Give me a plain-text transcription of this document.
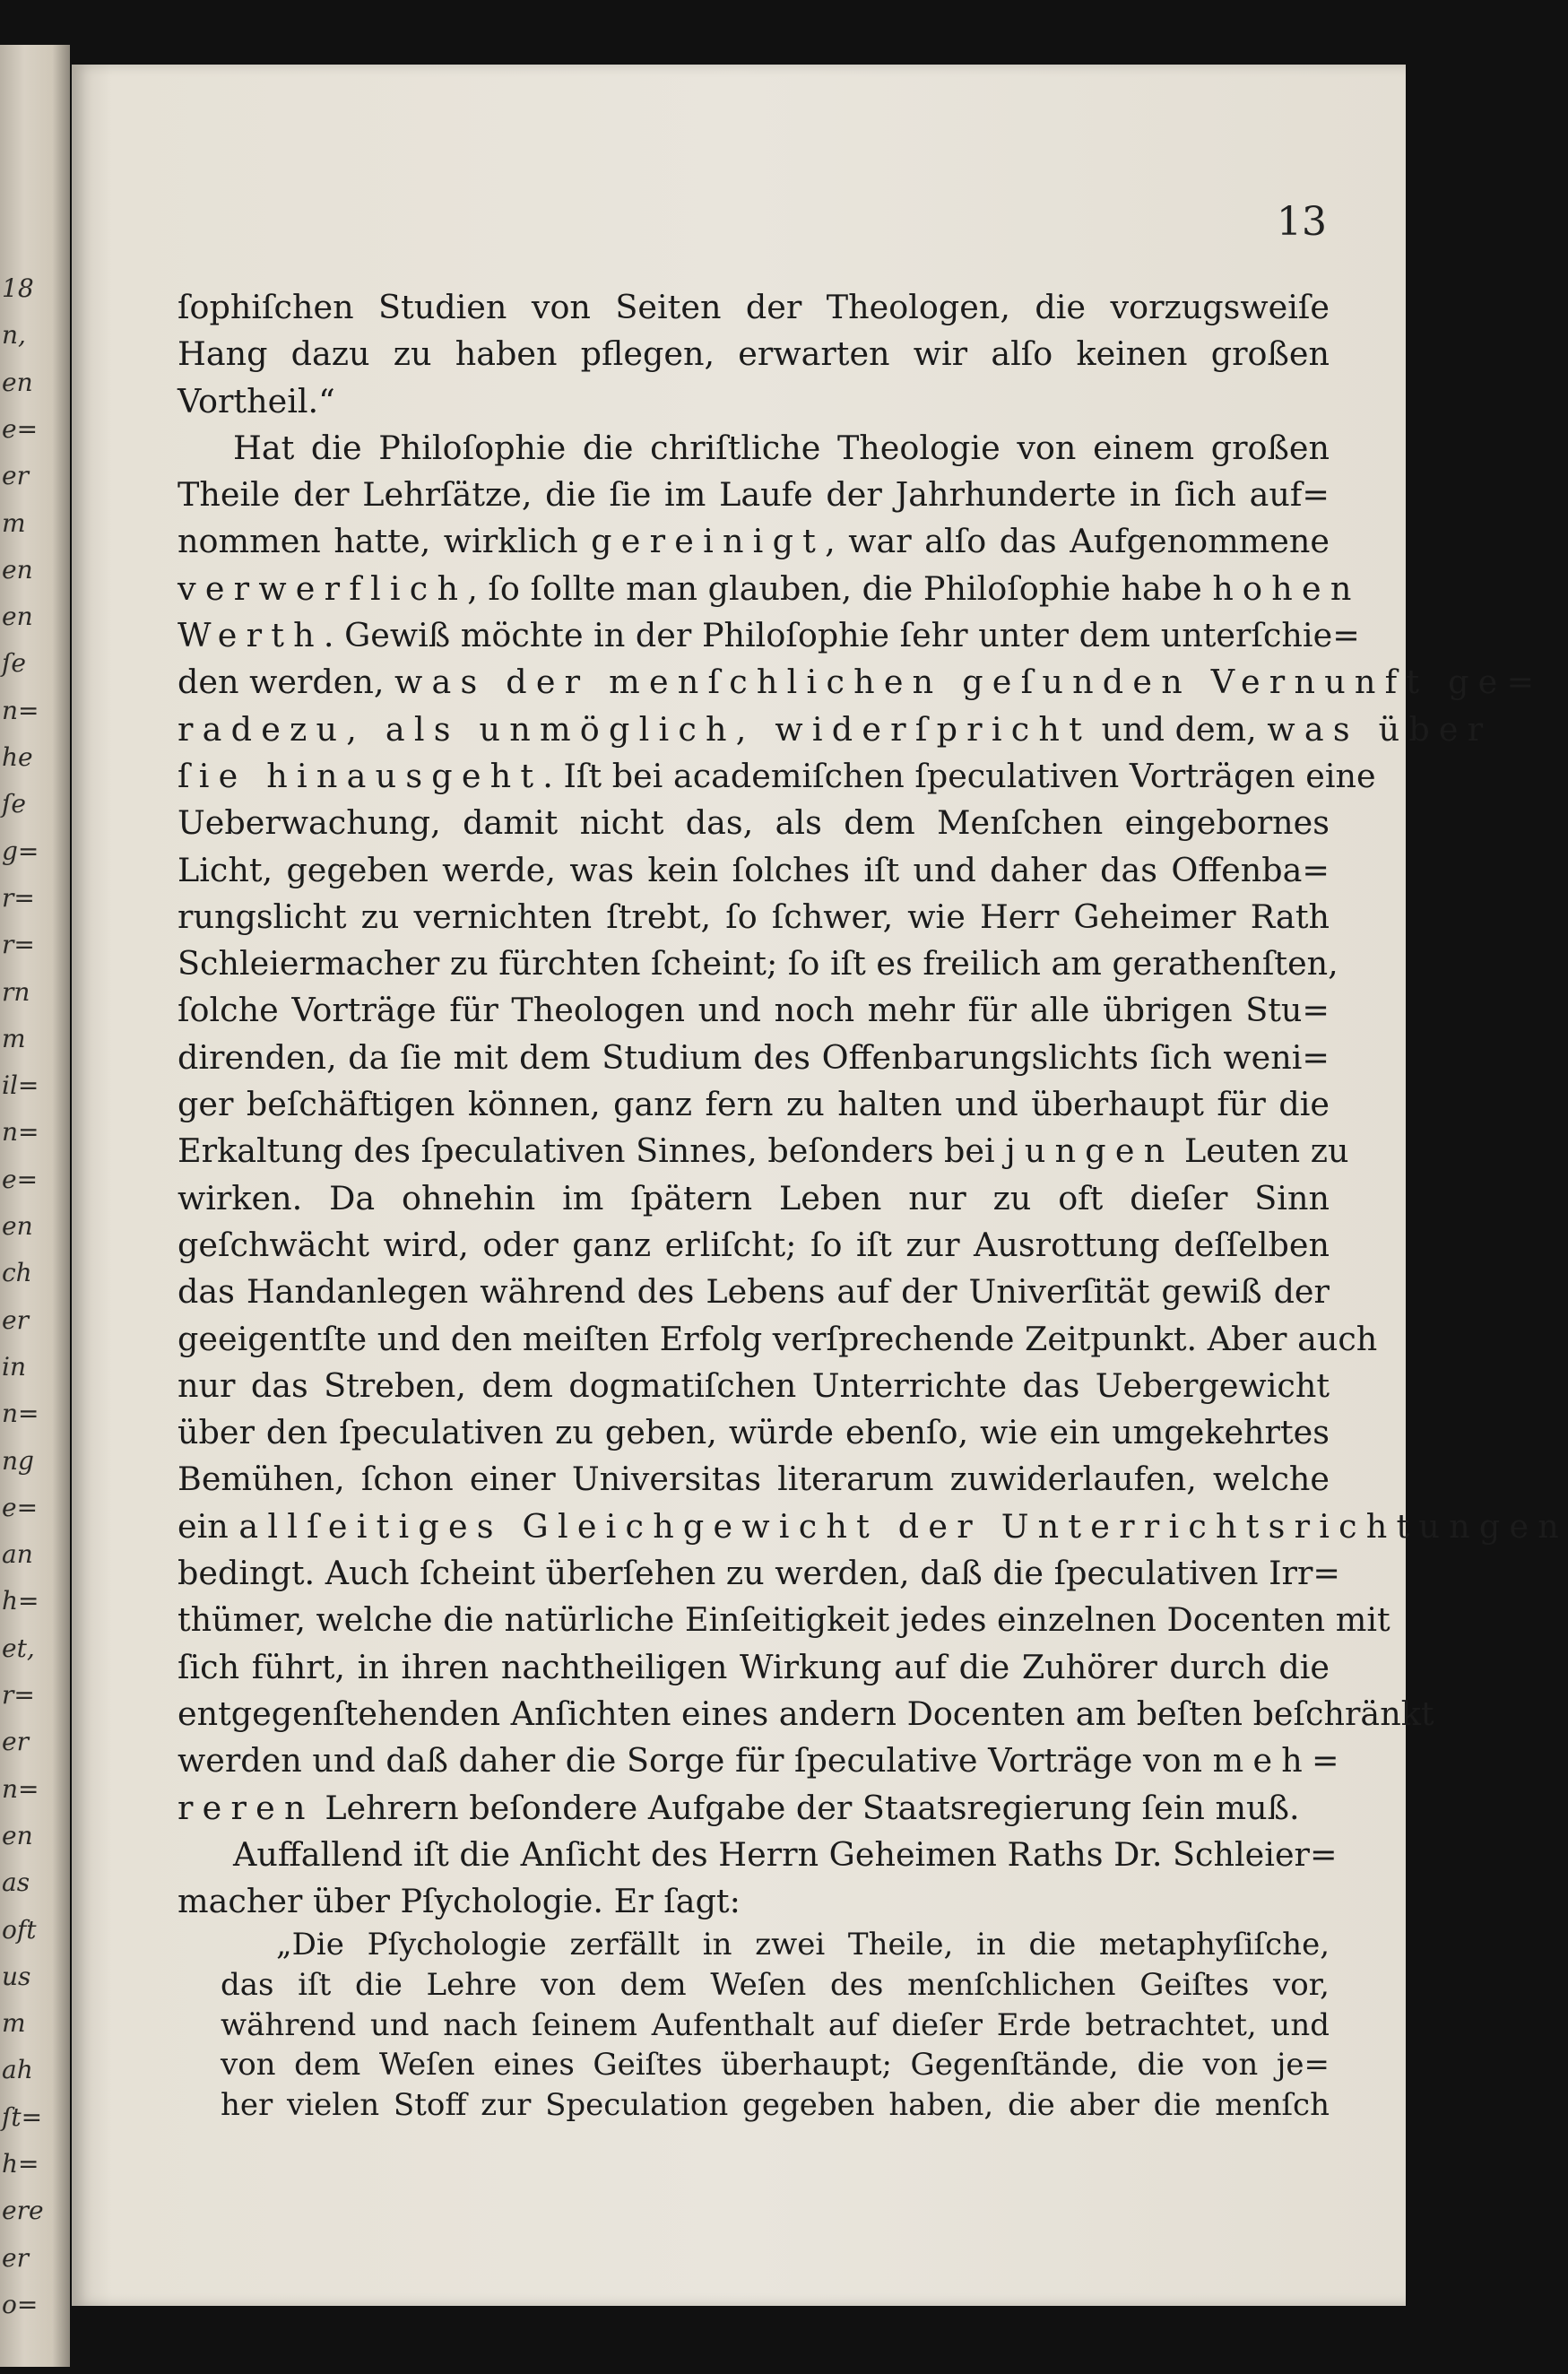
18
n,
en
e=
er
m
en
en
ſe
n=
he
ſe
g=
r=
r=
rn
m
il=
n=
e=
en
ch
er
in
n=
ng
e=
an
h=
et,
r=
er
n=
en
as
oft
us
m
ah
ſt=
h=
ere
er
o=
13
ſophiſchen Studien von Seiten der Theologen, die vorzugsweiſe
Hang dazu zu haben pflegen, erwarten wir alſo keinen großen
Vortheil.“
Hat die Philoſophie die chriſtliche Theologie von einem großen
Theile der Lehrſätze, die ſie im Laufe der Jahrhunderte in ſich auf=
nommen hatte, wirklich gereinigt, war alſo das Aufgenommene
verwerflich, ſo ſollte man glauben, die Philoſophie habe hohen
Werth. Gewiß möchte in der Philoſophie ſehr unter dem unterſchie=
den werden, was der menſchlichen geſunden Vernunft ge=
radezu, als unmöglich, widerſpricht und dem, was über
ſie hinausgeht. Iſt bei academiſchen ſpeculativen Vorträgen eine
Ueberwachung, damit nicht das, als dem Menſchen eingebornes
Licht, gegeben werde, was kein ſolches iſt und daher das Offenba=
rungslicht zu vernichten ſtrebt, ſo ſchwer, wie Herr Geheimer Rath
Schleiermacher zu fürchten ſcheint; ſo iſt es freilich am gerathenſten,
ſolche Vorträge für Theologen und noch mehr für alle übrigen Stu=
direnden, da ſie mit dem Studium des Offenbarungslichts ſich weni=
ger beſchäftigen können, ganz fern zu halten und überhaupt für die
Erkaltung des ſpeculativen Sinnes, beſonders bei jungen Leuten zu
wirken. Da ohnehin im ſpätern Leben nur zu oft dieſer Sinn
geſchwächt wird, oder ganz erliſcht; ſo iſt zur Ausrottung deſſelben
das Handanlegen während des Lebens auf der Univerſität gewiß der
geeigentſte und den meiſten Erfolg verſprechende Zeitpunkt. Aber auch
nur das Streben, dem dogmatiſchen Unterrichte das Uebergewicht
über den ſpeculativen zu geben, würde ebenſo, wie ein umgekehrtes
Bemühen, ſchon einer Universitas literarum zuwiderlaufen, welche
ein allſeitiges Gleichgewicht der Unterrichtsrichtungen
bedingt. Auch ſcheint überſehen zu werden, daß die ſpeculativen Irr=
thümer, welche die natürliche Einſeitigkeit jedes einzelnen Docenten mit
ſich führt, in ihren nachtheiligen Wirkung auf die Zuhörer durch die
entgegenſtehenden Anſichten eines andern Docenten am beſten beſchränkt
werden und daß daher die Sorge für ſpeculative Vorträge von meh=
reren Lehrern beſondere Aufgabe der Staatsregierung ſein muß.
Auffallend iſt die Anſicht des Herrn Geheimen Raths Dr. Schleier=
macher über Pſychologie. Er ſagt:
„Die Pſychologie zerfällt in zwei Theile, in die metaphyſiſche,
das iſt die Lehre von dem Weſen des menſchlichen Geiſtes vor,
während und nach ſeinem Aufenthalt auf dieſer Erde betrachtet, und
von dem Weſen eines Geiſtes überhaupt; Gegenſtände, die von je=
her vielen Stoff zur Speculation gegeben haben, die aber die menſch
